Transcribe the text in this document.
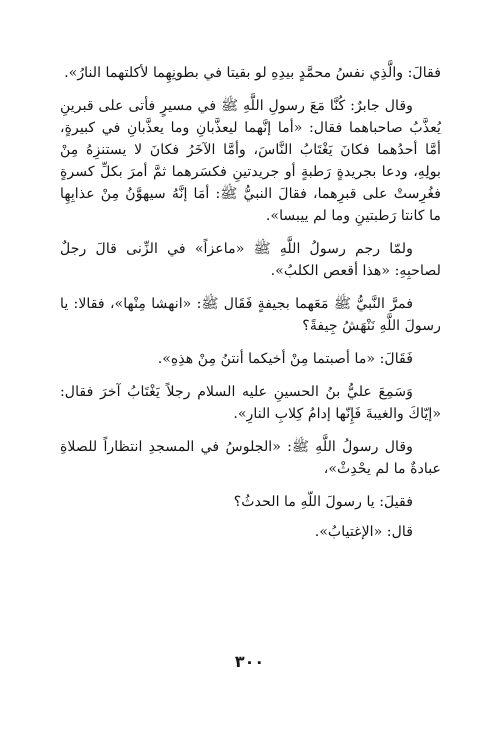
فقالَ: والَّذِي نفسُ محمَّدٍ بيدِهِ لو بقيتا في بطونِهِما لأكلتهما النارُ».

وقال جابرٌ: كُنَّا مَعَ رسولِ اللَّهِ ﷺ في مسيرٍ فأتى على قبرينِ يُعذَّبُ صاحباهما فقال: «أما إنَّهما ليعذَّبانِ وما يعذَّبانِ في كبيرةٍ، أمَّا أحدُهما فكانَ يَغْتَابُ النَّاسَ، وأمَّا الآخَرُ فكانَ لا يستنزِهُ مِنْ بولِهِ، ودعا بجريدةٍ رَطبةٍ أو جريدتينِ فكسَرهما ثمَّ أمرَ بكلِّ كسرةٍ فغُرِستْ على قبرِهما، فقالَ النبيُّ ﷺ: أمَا إنَّهُ سيهوَّنُ مِنْ عذابِهِا ما كانتا رَطبتينِ وما لم ييبسا».

ولمّا رجم رسولُ اللَّهِ ﷺ «ماعزاً» في الزِّنى قالَ رجلٌ لصاحبِهِ: «هذا أقعص الكلبُ».

فمرَّ النَّبيُّ ﷺ مَعَهما بجيفةٍ فَقَال ﷺ: «انهشا مِنْها»، فقالا: يا رسولَ اللَّهِ نَنْهَشُ جِيفةً؟

فَقَالَ: «ما أصبتما مِنْ أخيكما أنتنُ مِنْ هذِهِ».

وَسَمِعَ عليُّ بنُ الحسينِ عليه السلام رجلاً يَغْتَابُ آخرَ فقال: «إيّاكَ والغيبةَ فَإِنّها إدامُ كِلابِ النارِ».

وقال رسولُ اللَّهِ ﷺ: «الجلوسُ في المسجدِ انتظاراً للصلاةِ عبادةٌ ما لم يحْدِثْ»،

فقيلَ: يا رسولَ اللّهِ ما الحدثُ؟

قال: «الإغتيابُ».

٣٠٠
